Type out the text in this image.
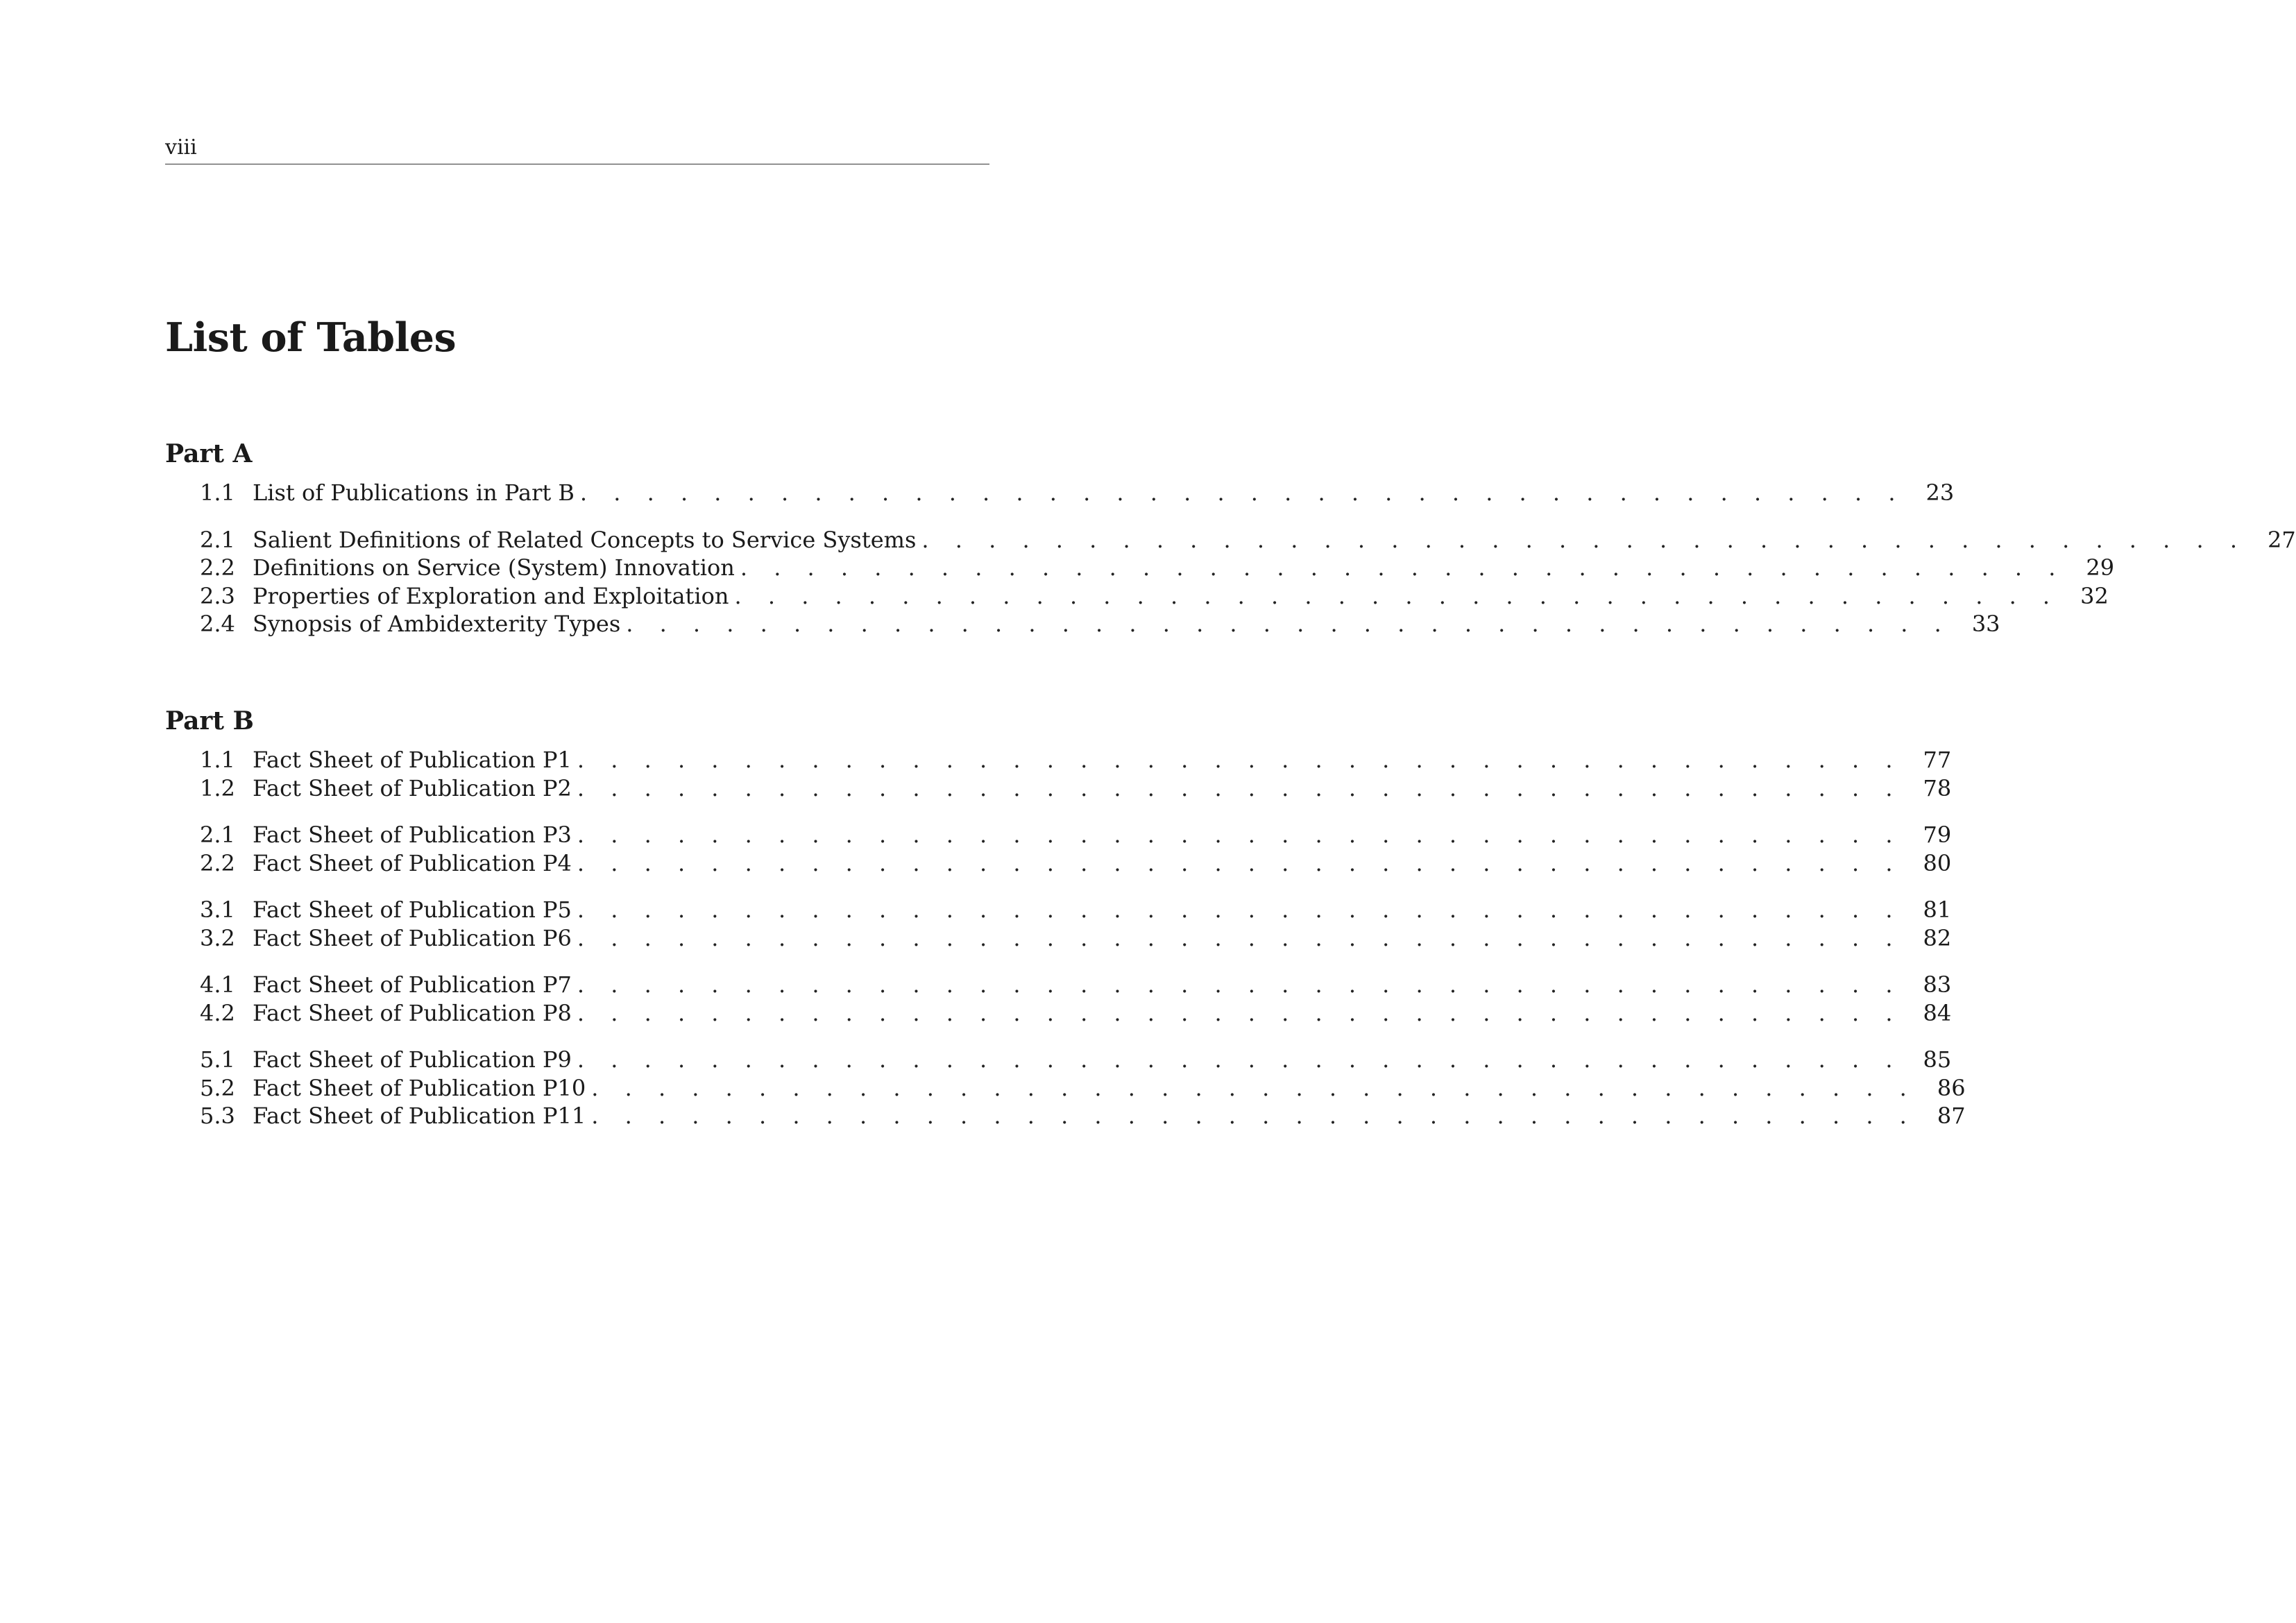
viii
List of Tables
Part A
1.1 List of Publications in Part B . . . . . . . . . . . . . . . . . . . . . . . . . . . . . . . . . . . . . . . . 23
2.1 Salient Definitions of Related Concepts to Service Systems . . . . . . . . . . . . . . . . . . . . . . . . . . . . . . . . . . . . . . . . 27
2.2 Definitions on Service (System) Innovation . . . . . . . . . . . . . . . . . . . . . . . . . . . . . . . . . . . . . . . . 29
2.3 Properties of Exploration and Exploitation . . . . . . . . . . . . . . . . . . . . . . . . . . . . . . . . . . . . . . . . 32
2.4 Synopsis of Ambidexterity Types . . . . . . . . . . . . . . . . . . . . . . . . . . . . . . . . . . . . . . . . 33
Part B
1.1 Fact Sheet of Publication P1 . . . . . . . . . . . . . . . . . . . . . . . . . . . . . . . . . . . . . . . . 77
1.2 Fact Sheet of Publication P2 . . . . . . . . . . . . . . . . . . . . . . . . . . . . . . . . . . . . . . . . 78
2.1 Fact Sheet of Publication P3 . . . . . . . . . . . . . . . . . . . . . . . . . . . . . . . . . . . . . . . . 79
2.2 Fact Sheet of Publication P4 . . . . . . . . . . . . . . . . . . . . . . . . . . . . . . . . . . . . . . . . 80
3.1 Fact Sheet of Publication P5 . . . . . . . . . . . . . . . . . . . . . . . . . . . . . . . . . . . . . . . . 81
3.2 Fact Sheet of Publication P6 . . . . . . . . . . . . . . . . . . . . . . . . . . . . . . . . . . . . . . . . 82
4.1 Fact Sheet of Publication P7 . . . . . . . . . . . . . . . . . . . . . . . . . . . . . . . . . . . . . . . . 83
4.2 Fact Sheet of Publication P8 . . . . . . . . . . . . . . . . . . . . . . . . . . . . . . . . . . . . . . . . 84
5.1 Fact Sheet of Publication P9 . . . . . . . . . . . . . . . . . . . . . . . . . . . . . . . . . . . . . . . . 85
5.2 Fact Sheet of Publication P10 . . . . . . . . . . . . . . . . . . . . . . . . . . . . . . . . . . . . . . . . 86
5.3 Fact Sheet of Publication P11 . . . . . . . . . . . . . . . . . . . . . . . . . . . . . . . . . . . . . . . . 87
